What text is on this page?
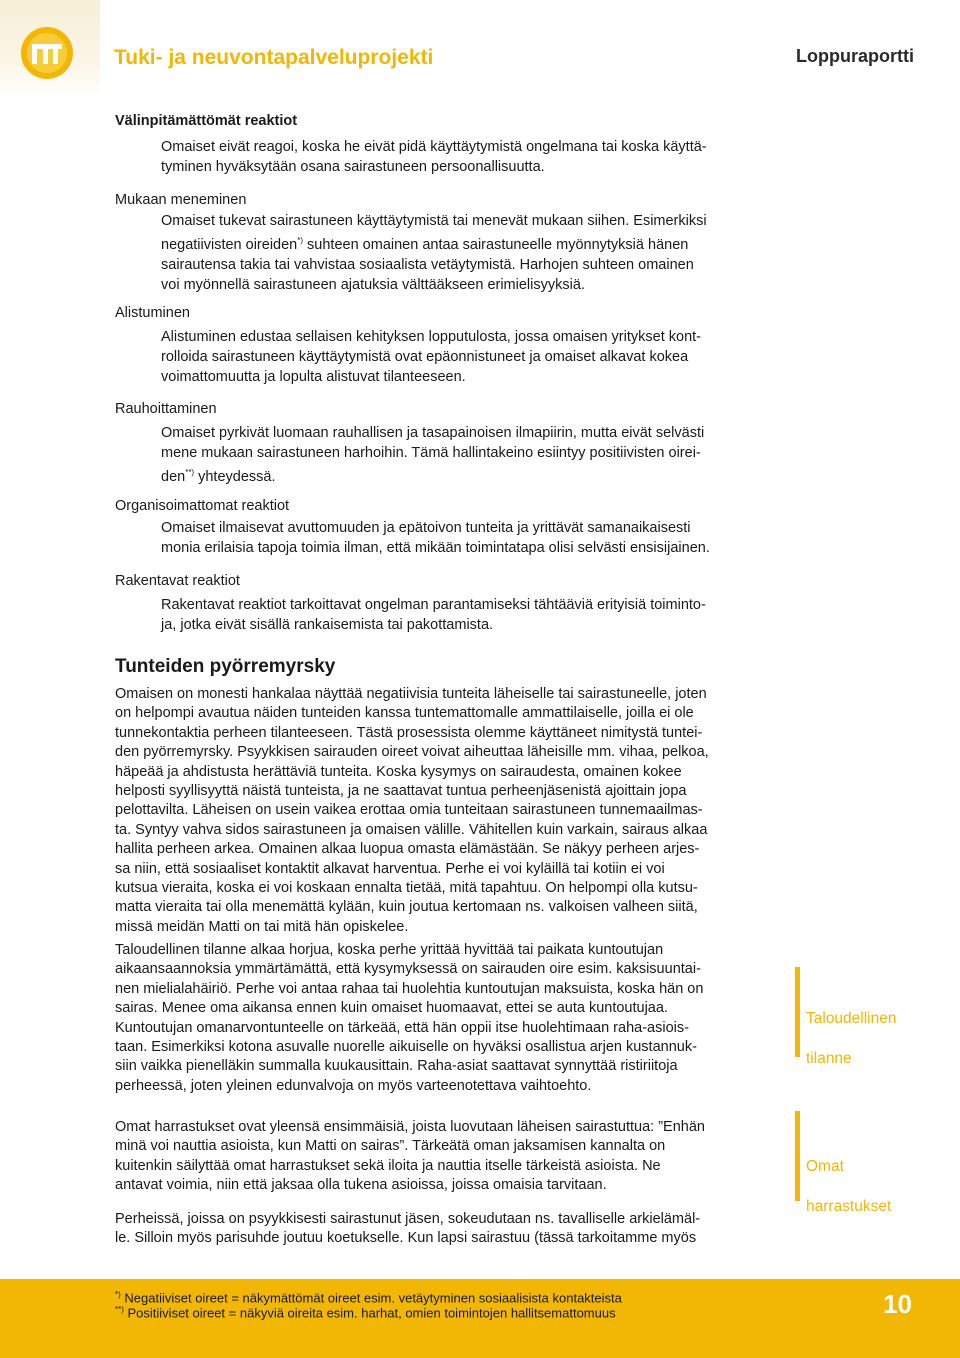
Tuki- ja neuvontapalveluprojekti	Loppuraportti
Välinpitämättömät reaktiot
Omaiset eivät reagoi, koska he eivät pidä käyttäytymistä ongelmana tai koska käyttä-
tyminen hyväksytään osana sairastuneen persoonallisuutta.
Mukaan meneminen
Omaiset tukevat sairastuneen käyttäytymistä tai menevät mukaan siihen. Esimerkiksi
negatiivisten oireiden*) suhteen omainen antaa sairastuneelle myönnytyksiä hänen
sairautensa takia tai vahvistaa sosiaalista vetäytymistä. Harhojen suhteen omainen
voi myönnellä sairastuneen ajatuksia välttääkseen erimielisyyksiä.
Alistuminen
Alistuminen edustaa sellaisen kehityksen lopputulosta, jossa omaisen yritykset kont-
rolloida sairastuneen käyttäytymistä ovat epäonnistuneet ja omaiset alkavat kokea
voimattomuutta ja lopulta alistuvat tilanteeseen.
Rauhoittaminen
Omaiset pyrkivät luomaan rauhallisen ja tasapainoisen ilmapiirin, mutta eivät selvästi
mene mukaan sairastuneen harhoihin. Tämä hallintakeino esiintyy positiivisten oirei-
den**) yhteydessä.
Organisoimattomat reaktiot
Omaiset ilmaisevat avuttomuuden ja epätoivon tunteita ja yrittävät samanaikaisesti
monia erilaisia tapoja toimia ilman, että mikään toimintatapa olisi selvästi ensisijainen.
Rakentavat reaktiot
Rakentavat reaktiot tarkoittavat ongelman parantamiseksi tähtääviä erityisiä toiminto-
ja, jotka eivät sisällä rankaisemista tai pakottamista.
Tunteiden pyörremyrsky
Omaisen on monesti hankalaa näyttää negatiivisia tunteita läheiselle tai sairastuneelle, joten
on helpompi avautua näiden tunteiden kanssa tuntemattomalle ammattilaiselle, joilla ei ole
tunnekontaktia perheen tilanteeseen. Tästä prosessista olemme käyttäneet nimitystä tuntei-
den pyörremyrsky. Psyykkisen sairauden oireet voivat aiheuttaa läheisille mm. vihaa, pelkoa,
häpeää ja ahdistusta herättäviä tunteita. Koska kysymys on sairaudesta, omainen kokee
helposti syyllisyyttä näistä tunteista, ja ne saattavat tuntua perheenjäsenistä ajoittain jopa
pelottavilta. Läheisen on usein vaikea erottaa omia tunteitaan sairastuneen tunnemaailmas-
ta. Syntyy vahva sidos sairastuneen ja omaisen välille. Vähitellen kuin varkain, sairaus alkaa
hallita perheen arkea. Omainen alkaa luopua omasta elämästään. Se näkyy perheen arjes-
sa niin, että sosiaaliset kontaktit alkavat harventua. Perhe ei voi kyläillä tai kotiin ei voi
kutsua vieraita, koska ei voi koskaan ennalta tietää, mitä tapahtuu. On helpompi olla kutsu-
matta vieraita tai olla menemättä kylään, kuin joutua kertomaan ns. valkoisen valheen siitä,
missä meidän Matti on tai mitä hän opiskelee.
Taloudellinen tilanne alkaa horjua, koska perhe yrittää hyvittää tai paikata kuntoutujan
aikaansaannoksia ymmärtämättä, että kysymyksessä on sairauden oire esim. kaksisuuntai-
nen mielialahäiriö. Perhe voi antaa rahaa tai huolehtia kuntoutujan maksuista, koska hän on
sairas. Menee oma aikansa ennen kuin omaiset huomaavat, ettei se auta kuntoutujaa.
Kuntoutujan omanarvontunteelle on tärkeää, että hän oppii itse huolehtimaan raha-asiois-
taan. Esimerkiksi kotona asuvalle nuorelle aikuiselle on hyväksi osallistua arjen kustannuk-
siin vaikka pienelläkin summalla kuukausittain. Raha-asiat saattavat synnyttää ristiriitoja
perheessä, joten yleinen edunvalvoja on myös varteenotettava vaihtoehto.
Omat harrastukset ovat yleensä ensimmäisiä, joista luovutaan läheisen sairastuttua: ”Enhän
minä voi nauttia asioista, kun Matti on sairas”. Tärkeätä oman jaksamisen kannalta on
kuitenkin säilyttää omat harrastukset sekä iloita ja nauttia itselle tärkeistä asioista. Ne
antavat voimia, niin että jaksaa olla tukena asioissa, joissa omaisia tarvitaan.
Perheissä, joissa on psyykkisesti sairastunut jäsen, sokeudutaan ns. tavalliselle arkielämäl-
le. Silloin myös parisuhde joutuu koetukselle. Kun lapsi sairastuu (tässä tarkoitamme myös

Taloudellinen

tilanne

Omat

harrastukset

*) Negatiiviset oireet = näkymättömät oireet esim. vetäytyminen sosiaalisista kontakteista
**) Positiiviset oireet = näkyviä oireita esim. harhat, omien toimintojen hallitsemattomuus	10
